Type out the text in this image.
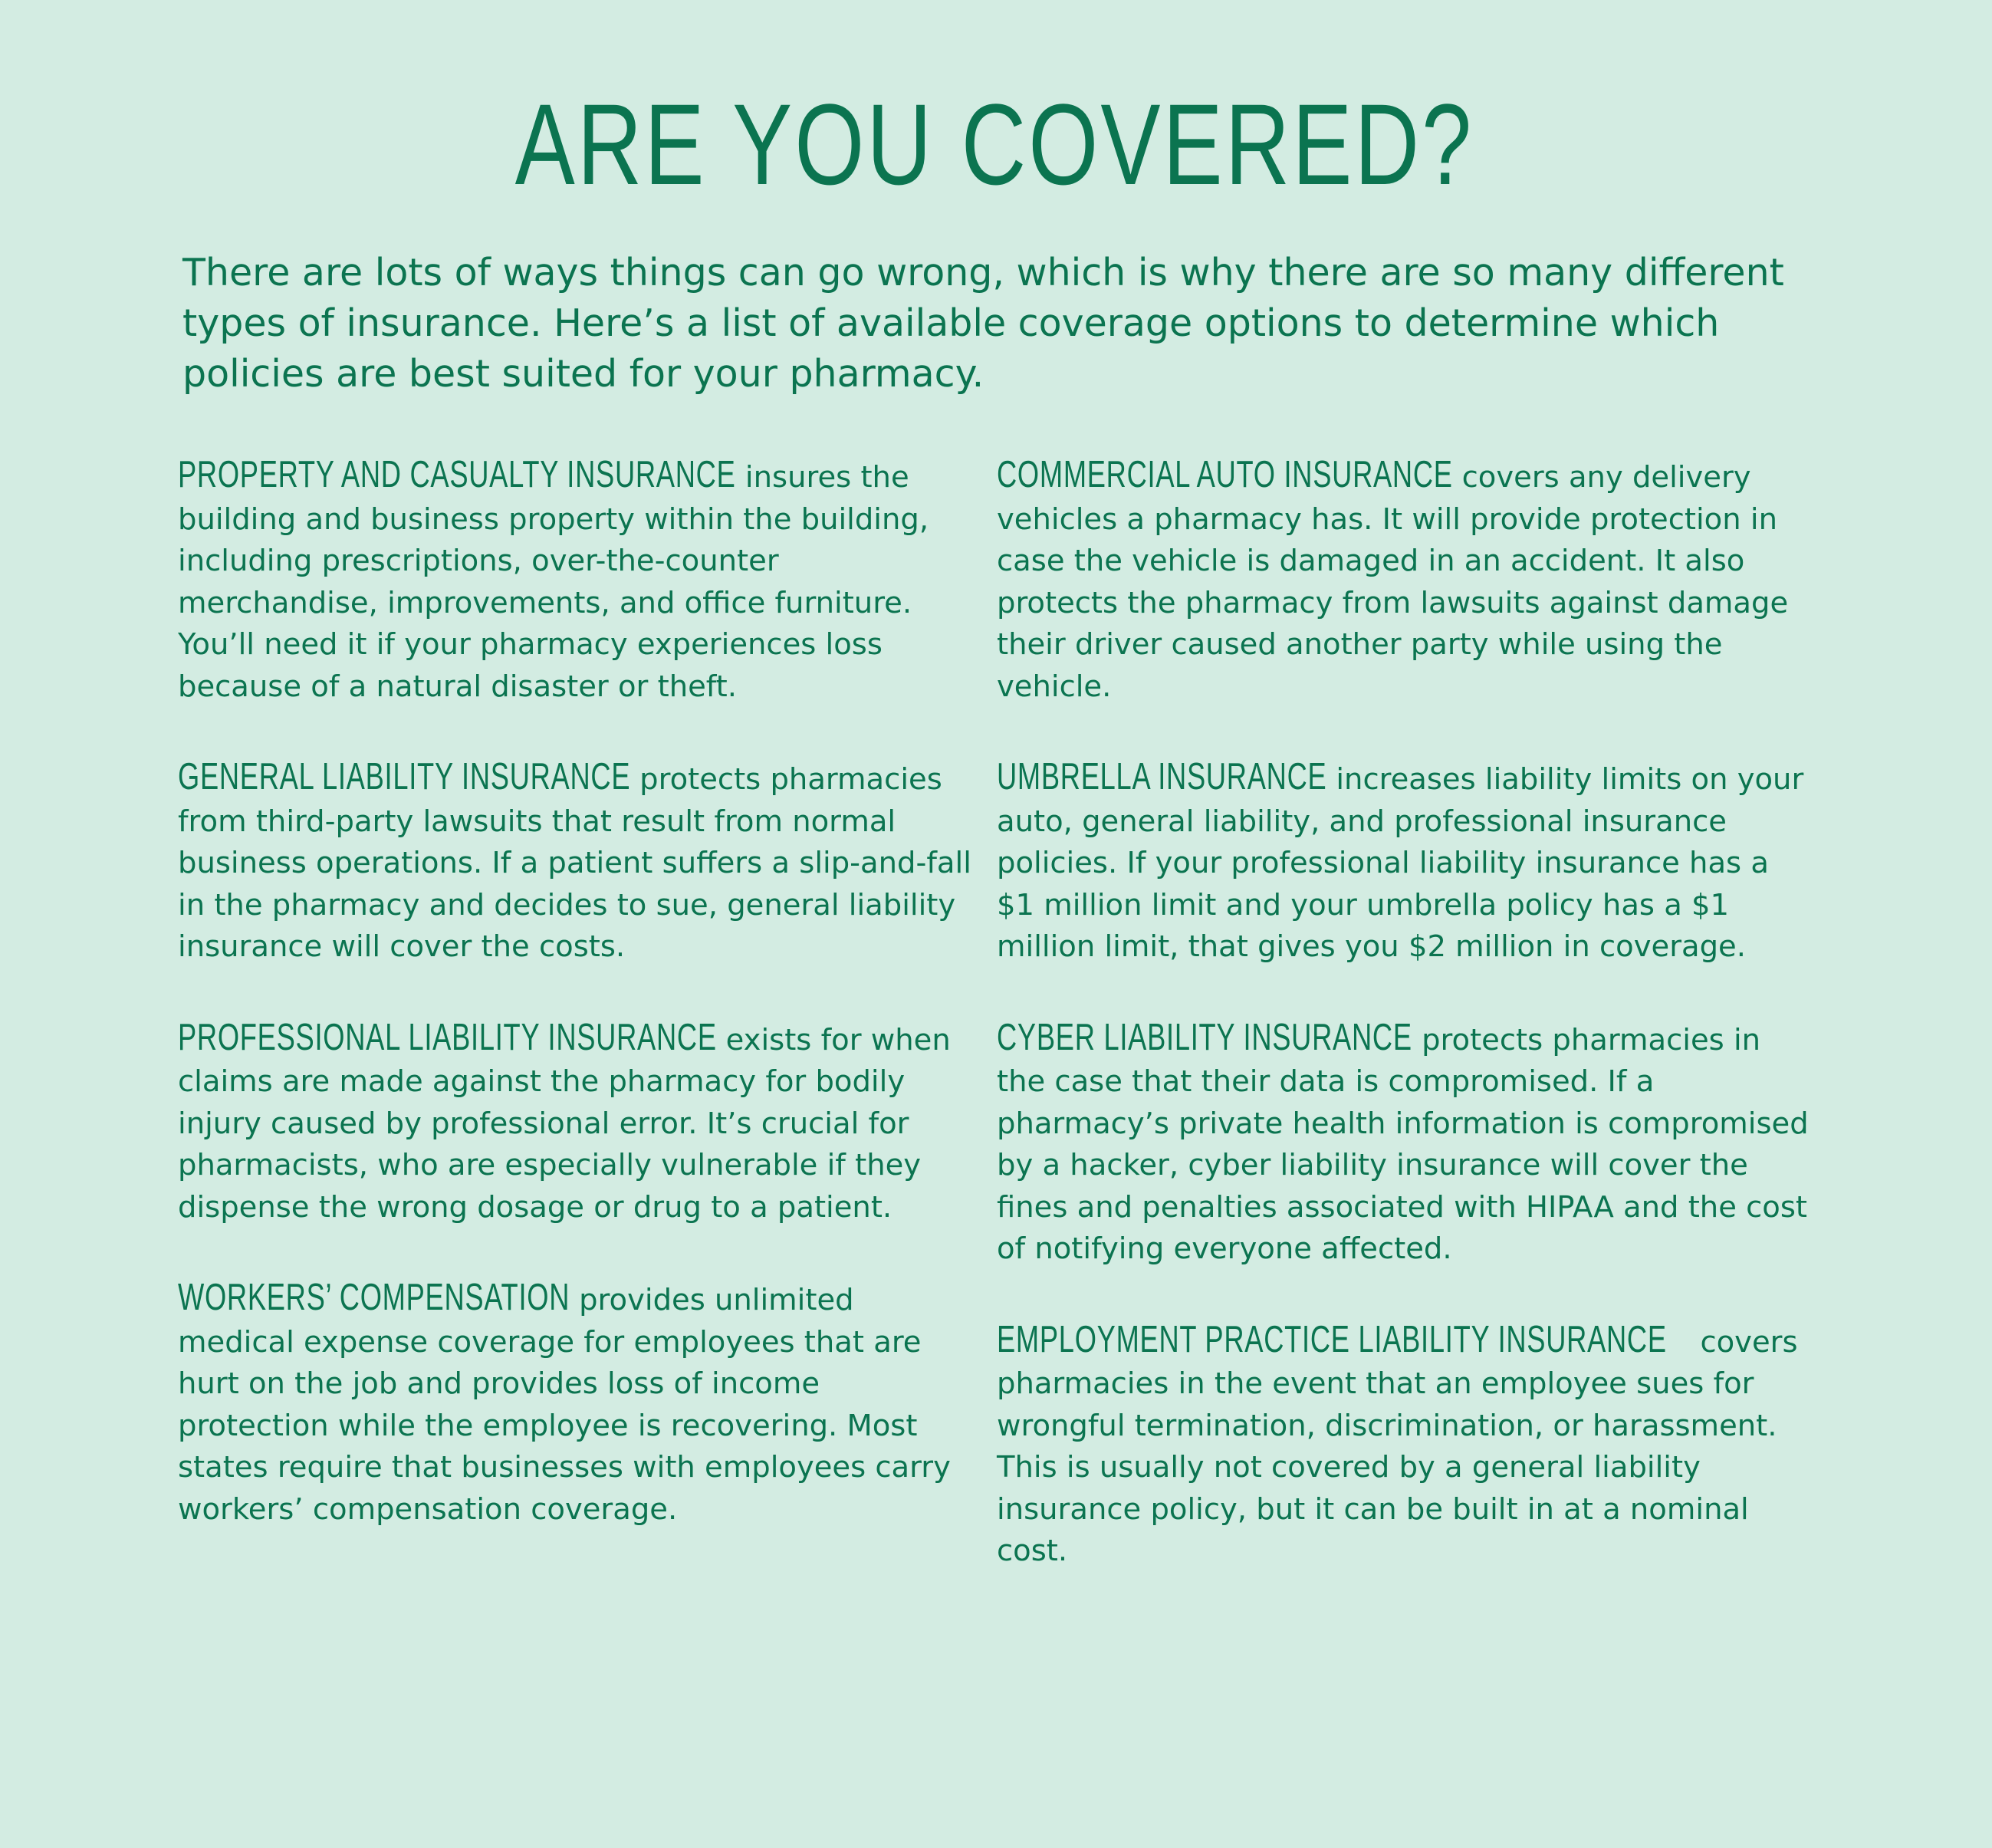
ARE YOU COVERED?

There are lots of ways things can go wrong, which is why there are so many different types of insurance. Here’s a list of available coverage options to determine which policies are best suited for your pharmacy.

PROPERTY AND CASUALTY INSURANCE insures the building and business property within the building, including prescriptions, over-the-counter merchandise, improvements, and office furniture. You’ll need it if your pharmacy experiences loss because of a natural disaster or theft.

GENERAL LIABILITY INSURANCE protects pharmacies from third-party lawsuits that result from normal business operations. If a patient suffers a slip-and-fall in the pharmacy and decides to sue, general liability insurance will cover the costs.

PROFESSIONAL LIABILITY INSURANCE exists for when claims are made against the pharmacy for bodily injury caused by professional error. It’s crucial for pharmacists, who are especially vulnerable if they dispense the wrong dosage or drug to a patient.

WORKERS’ COMPENSATION provides unlimited medical expense coverage for employees that are hurt on the job and provides loss of income protection while the employee is recovering. Most states require that businesses with employees carry workers’ compensation coverage.

COMMERCIAL AUTO INSURANCE covers any delivery vehicles a pharmacy has. It will provide protection in case the vehicle is damaged in an accident. It also protects the pharmacy from lawsuits against damage their driver caused another party while using the vehicle.

UMBRELLA INSURANCE increases liability limits on your auto, general liability, and professional insurance policies. If your professional liability insurance has a $1 million limit and your umbrella policy has a $1 million limit, that gives you $2 million in coverage.

CYBER LIABILITY INSURANCE protects pharmacies in the case that their data is compromised. If a pharmacy’s private health information is compromised by a hacker, cyber liability insurance will cover the fines and penalties associated with HIPAA and the cost of notifying everyone affected.

EMPLOYMENT PRACTICE LIABILITY INSURANCE covers pharmacies in the event that an employee sues for wrongful termination, discrimination, or harassment. This is usually not covered by a general liability insurance policy, but it can be built in at a nominal cost.
